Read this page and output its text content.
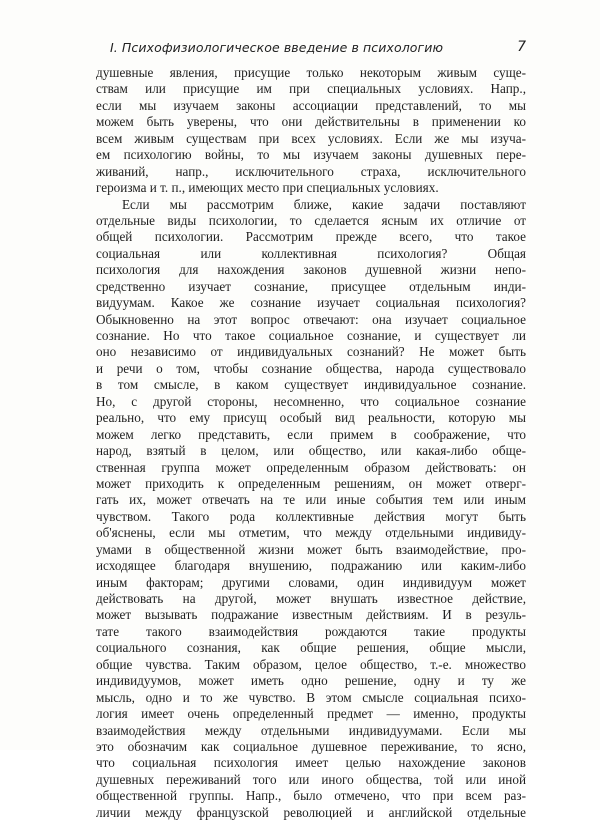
I. Психофизиологическое введение в психологию	7
душевные явления, присущие только некоторым живым суще-
ствам или присущие им при специальных условиях. Напр.,
если мы изучаем законы ассоциации представлений, то мы
можем быть уверены, что они действительны в применении ко
всем живым существам при всех условиях. Если же мы изуча-
ем психологию войны, то мы изучаем законы душевных пере-
живаний, напр., исключительного страха, исключительного
героизма и т. п., имеющих место при специальных условиях.
Если мы рассмотрим ближе, какие задачи поставляют
отдельные виды психологии, то сделается ясным их отличие от
общей психологии. Рассмотрим прежде всего, что такое
социальная или коллективная психология? Общая
психология для нахождения законов душевной жизни непо-
средственно изучает сознание, присущее отдельным инди-
видуумам. Какое же сознание изучает социальная психология?
Обыкновенно на этот вопрос отвечают: она изучает социальное
сознание. Но что такое социальное сознание, и существует ли
оно независимо от индивидуальных сознаний? Не может быть
и речи о том, чтобы сознание общества, народа существовало
в том смысле, в каком существует индивидуальное сознание.
Но, с другой стороны, несомненно, что социальное сознание
реально, что ему присущ особый вид реальности, которую мы
можем легко представить, если примем в соображение, что
народ, взятый в целом, или общество, или какая-либо обще-
ственная группа может определенным образом действовать: он
может приходить к определенным решениям, он может отверг-
гать их, может отвечать на те или иные события тем или иным
чувством. Такого рода коллективные действия могут быть
об'яснены, если мы отметим, что между отдельными индивиду-
умами в общественной жизни может быть взаимодействие, про-
исходящее благодаря внушению, подражанию или каким-либо
иным факторам; другими словами, один индивидуум может
действовать на другой, может внушать известное действие,
может вызывать подражание известным действиям. И в резуль-
тате такого взаимодействия рождаются такие продукты
социального сознания, как общие решения, общие мысли,
общие чувства. Таким образом, целое общество, т.-е. множество
индивидуумов, может иметь одно решение, одну и ту же
мысль, одно и то же чувство. В этом смысле социальная психо-
логия имеет очень определенный предмет — именно, продукты
взаимодействия между отдельными индивидуумами. Если мы
это обозначим как социальное душевное переживание, то ясно,
что социальная психология имеет целью нахождение законов
душевных переживаний того или иного общества, той или иной
общественной группы. Напр., было отмечено, что при всем раз-
личии между французской революцией и английской отдельные
